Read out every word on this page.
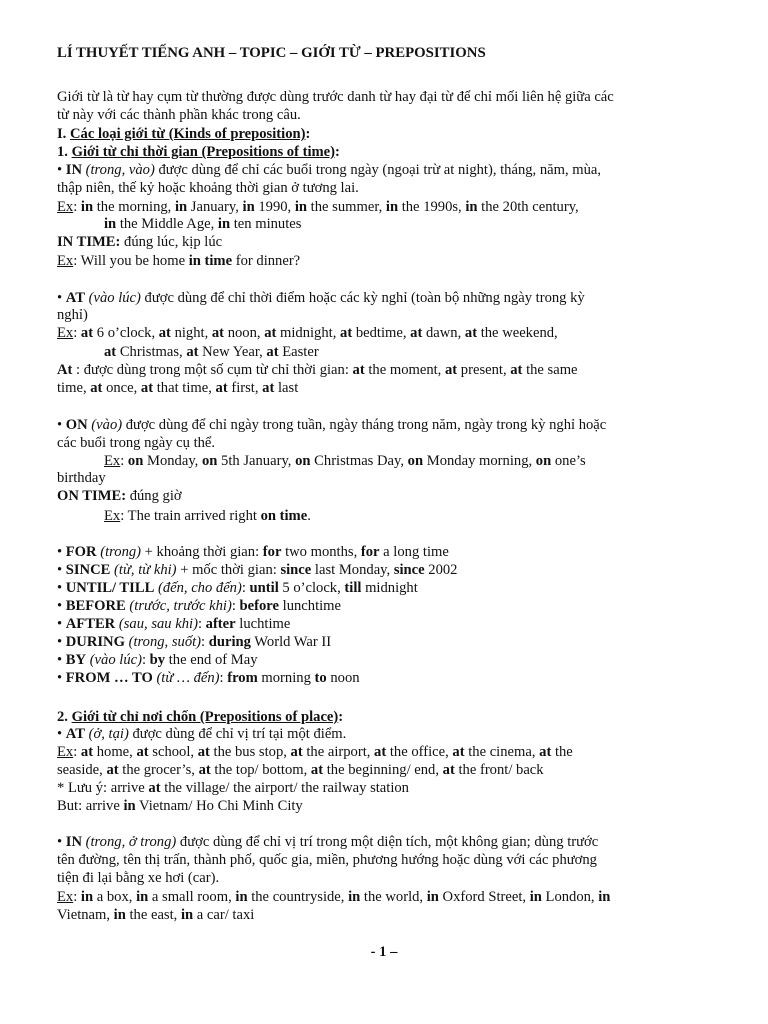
LÍ THUYẾT TIẾNG ANH – TOPIC – GIỚI TỪ – PREPOSITIONS
Giới từ là từ hay cụm từ thường được dùng trước danh từ hay đại từ để chỉ mối liên hệ giữa các
từ này với các thành phần khác trong câu.
I. Các loại giới từ (Kinds of preposition):
1. Giới từ chỉ thời gian (Prepositions of time):
• IN (trong, vào) được dùng để chỉ các buổi trong ngày (ngoại trừ at night), tháng, năm, mùa,
thập niên, thế kỷ hoặc khoảng thời gian ở tương lai.
Ex: in the morning, in January, in 1990, in the summer, in the 1990s, in the 20th century,
in the Middle Age, in ten minutes
IN TIME: đúng lúc, kịp lúc
Ex: Will you be home in time for dinner?
• AT (vào lúc) được dùng để chỉ thời điểm hoặc các kỳ nghỉ (toàn bộ những ngày trong kỳ
nghỉ)
Ex: at 6 o’clock, at night, at noon, at midnight, at bedtime, at dawn, at the weekend,
at Christmas, at New Year, at Easter
At : được dùng trong một số cụm từ chỉ thời gian: at the moment, at present, at the same
time, at once, at that time, at first, at last
• ON (vào) được dùng để chỉ ngày trong tuần, ngày tháng trong năm, ngày trong kỳ nghỉ hoặc
các buổi trong ngày cụ thể.
Ex: on Monday, on 5th January, on Christmas Day, on Monday morning, on one’s
birthday
ON TIME: đúng giờ
Ex: The train arrived right on time.
• FOR (trong) + khoảng thời gian: for two months, for a long time
• SINCE (từ, từ khi) + mốc thời gian: since last Monday, since 2002
• UNTIL/ TILL (đến, cho đến): until 5 o’clock, till midnight
• BEFORE (trước, trước khi): before lunchtime
• AFTER (sau, sau khi): after luchtime
• DURING (trong, suốt): during World War II
• BY (vào lúc): by the end of May
• FROM … TO (từ … đến): from morning to noon
2. Giới từ chỉ nơi chốn (Prepositions of place):
• AT (ở, tại) được dùng để chỉ vị trí tại một điểm.
Ex: at home, at school, at the bus stop, at the airport, at the office, at the cinema, at the
seaside, at the grocer’s, at the top/ bottom, at the beginning/ end, at the front/ back
* Lưu ý: arrive at the village/ the airport/ the railway station
But: arrive in Vietnam/ Ho Chi Minh City
• IN (trong, ở trong) được dùng để chỉ vị trí trong một diện tích, một không gian; dùng trước
tên đường, tên thị trấn, thành phố, quốc gia, miền, phương hướng hoặc dùng với các phương
tiện đi lại bằng xe hơi (car).
Ex: in a box, in a small room, in the countryside, in the world, in Oxford Street, in London, in
Vietnam, in the east, in a car/ taxi
- 1 –
